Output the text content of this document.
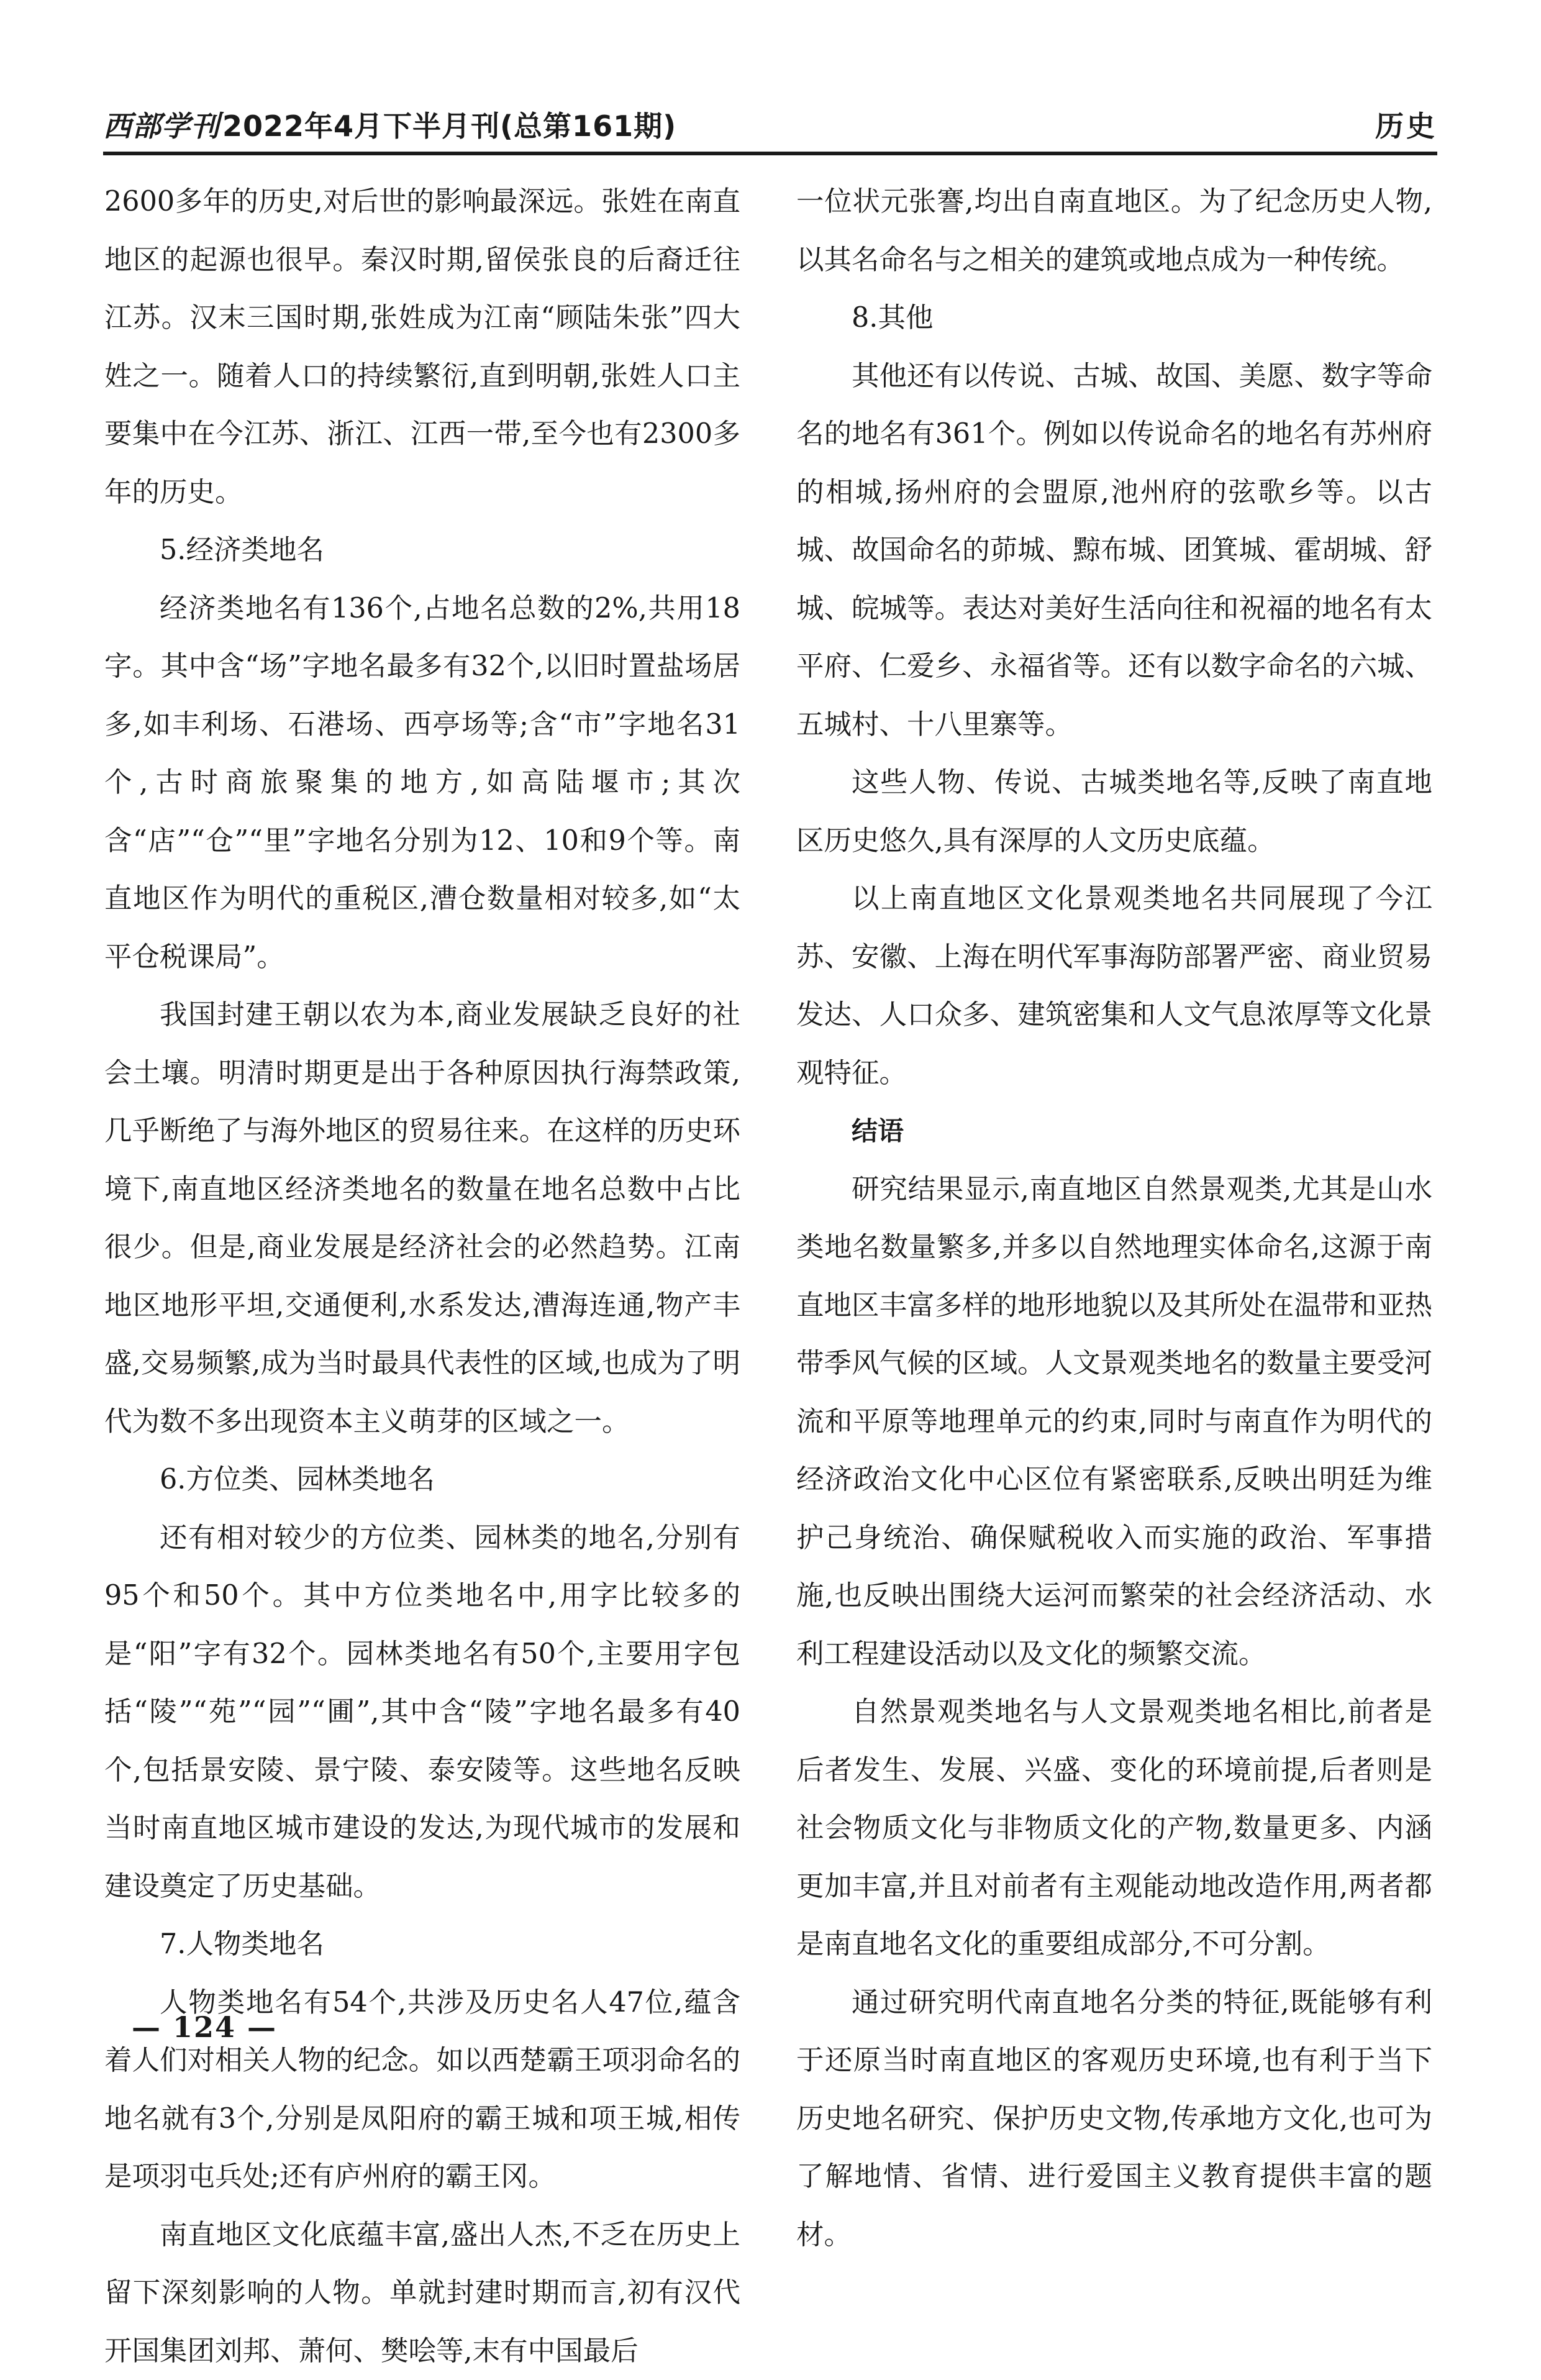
西部学刊2022年4月下半月刊(总第161期)	历史

2600多年的历史,对后世的影响最深远。张姓在南直地区的起源也很早。秦汉时期,留侯张良的后裔迁往江苏。汉末三国时期,张姓成为江南“顾陆朱张”四大姓之一。随着人口的持续繁衍,直到明朝,张姓人口主要集中在今江苏、浙江、江西一带,至今也有2300多年的历史。

5.经济类地名

经济类地名有136个,占地名总数的2%,共用18字。其中含“场”字地名最多有32个,以旧时置盐场居多,如丰利场、石港场、西亭场等;含“市”字地名31个,古时商旅聚集的地方,如高陆堰市;其次含“店”“仓”“里”字地名分别为12、10和9个等。南直地区作为明代的重税区,漕仓数量相对较多,如“太平仓税课局”。

我国封建王朝以农为本,商业发展缺乏良好的社会土壤。明清时期更是出于各种原因执行海禁政策,几乎断绝了与海外地区的贸易往来。在这样的历史环境下,南直地区经济类地名的数量在地名总数中占比很少。但是,商业发展是经济社会的必然趋势。江南地区地形平坦,交通便利,水系发达,漕海连通,物产丰盛,交易频繁,成为当时最具代表性的区域,也成为了明代为数不多出现资本主义萌芽的区域之一。

6.方位类、园林类地名

还有相对较少的方位类、园林类的地名,分别有95个和50个。其中方位类地名中,用字比较多的是“阳”字有32个。园林类地名有50个,主要用字包括“陵”“苑”“园”“圃”,其中含“陵”字地名最多有40个,包括景安陵、景宁陵、泰安陵等。这些地名反映当时南直地区城市建设的发达,为现代城市的发展和建设奠定了历史基础。

7.人物类地名

人物类地名有54个,共涉及历史名人47位,蕴含着人们对相关人物的纪念。如以西楚霸王项羽命名的地名就有3个,分别是凤阳府的霸王城和项王城,相传是项羽屯兵处;还有庐州府的霸王冈。

南直地区文化底蕴丰富,盛出人杰,不乏在历史上留下深刻影响的人物。单就封建时期而言,初有汉代开国集团刘邦、萧何、樊哙等,末有中国最后

一位状元张謇,均出自南直地区。为了纪念历史人物,以其名命名与之相关的建筑或地点成为一种传统。

8.其他

其他还有以传说、古城、故国、美愿、数字等命名的地名有361个。例如以传说命名的地名有苏州府的相城,扬州府的会盟原,池州府的弦歌乡等。以古城、故国命名的茆城、黥布城、团箕城、霍胡城、舒城、皖城等。表达对美好生活向往和祝福的地名有太平府、仁爱乡、永福省等。还有以数字命名的六城、五城村、十八里寨等。

这些人物、传说、古城类地名等,反映了南直地区历史悠久,具有深厚的人文历史底蕴。

以上南直地区文化景观类地名共同展现了今江苏、安徽、上海在明代军事海防部署严密、商业贸易发达、人口众多、建筑密集和人文气息浓厚等文化景观特征。

结语

研究结果显示,南直地区自然景观类,尤其是山水类地名数量繁多,并多以自然地理实体命名,这源于南直地区丰富多样的地形地貌以及其所处在温带和亚热带季风气候的区域。人文景观类地名的数量主要受河流和平原等地理单元的约束,同时与南直作为明代的经济政治文化中心区位有紧密联系,反映出明廷为维护己身统治、确保赋税收入而实施的政治、军事措施,也反映出围绕大运河而繁荣的社会经济活动、水利工程建设活动以及文化的频繁交流。

自然景观类地名与人文景观类地名相比,前者是后者发生、发展、兴盛、变化的环境前提,后者则是社会物质文化与非物质文化的产物,数量更多、内涵更加丰富,并且对前者有主观能动地改造作用,两者都是南直地名文化的重要组成部分,不可分割。

通过研究明代南直地名分类的特征,既能够有利于还原当时南直地区的客观历史环境,也有利于当下历史地名研究、保护历史文物,传承地方文化,也可为了解地情、省情、进行爱国主义教育提供丰富的题材。

— 124 —
